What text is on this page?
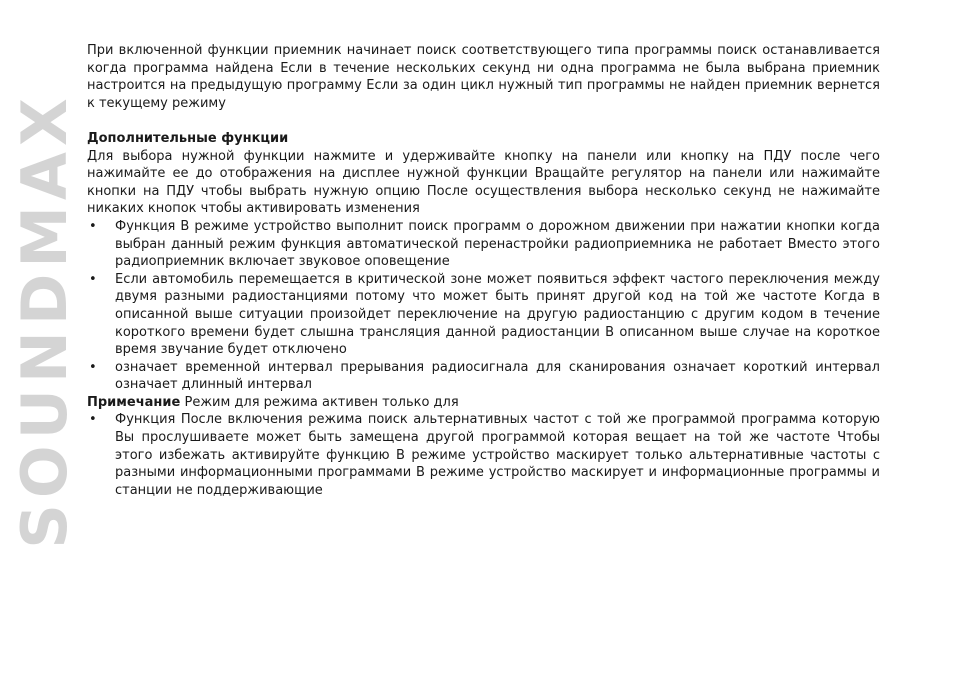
SOUNDMAX

При включенной функции приемник начинает поиск соответствующего типа программы поиск останавливается когда программа найдена Если в течение нескольких секунд ни одна программа не была выбрана приемник настроится на предыдущую программу Если за один цикл нужный тип программы не найден приемник вернется к текущему режиму

Дополнительные функции

Для выбора нужной функции нажмите и удерживайте кнопку на панели или кнопку на ПДУ после чего нажимайте ее до отображения на дисплее нужной функции Вращайте регулятор на панели или нажимайте кнопки на ПДУ чтобы выбрать нужную опцию После осуществления выбора несколько секунд не нажимайте никаких кнопок чтобы активировать изменения

• Функция В режиме устройство выполнит поиск программ о дорожном движении при нажатии кнопки когда выбран данный режим функция автоматической перенастройки радиоприемника не работает Вместо этого радиоприемник включает звуковое оповещение
• Если автомобиль перемещается в критической зоне может появиться эффект частого переключения между двумя разными радиостанциями потому что может быть принят другой код на той же частоте Когда в описанной выше ситуации произойдет переключение на другую радиостанцию с другим кодом в течение короткого времени будет слышна трансляция данной радиостанции В описанном выше случае на короткое время звучание будет отключено
• означает временной интервал прерывания радиосигнала для сканирования означает короткий интервал означает длинный интервал

Примечание Режим для режима активен только для

• Функция После включения режима поиск альтернативных частот с той же программой программа которую Вы прослушиваете может быть замещена другой программой которая вещает на той же частоте Чтобы этого избежать активируйте функцию В режиме устройство маскирует только альтернативные частоты с разными информационными программами В режиме устройство маскирует и информационные программы и станции не поддерживающие
